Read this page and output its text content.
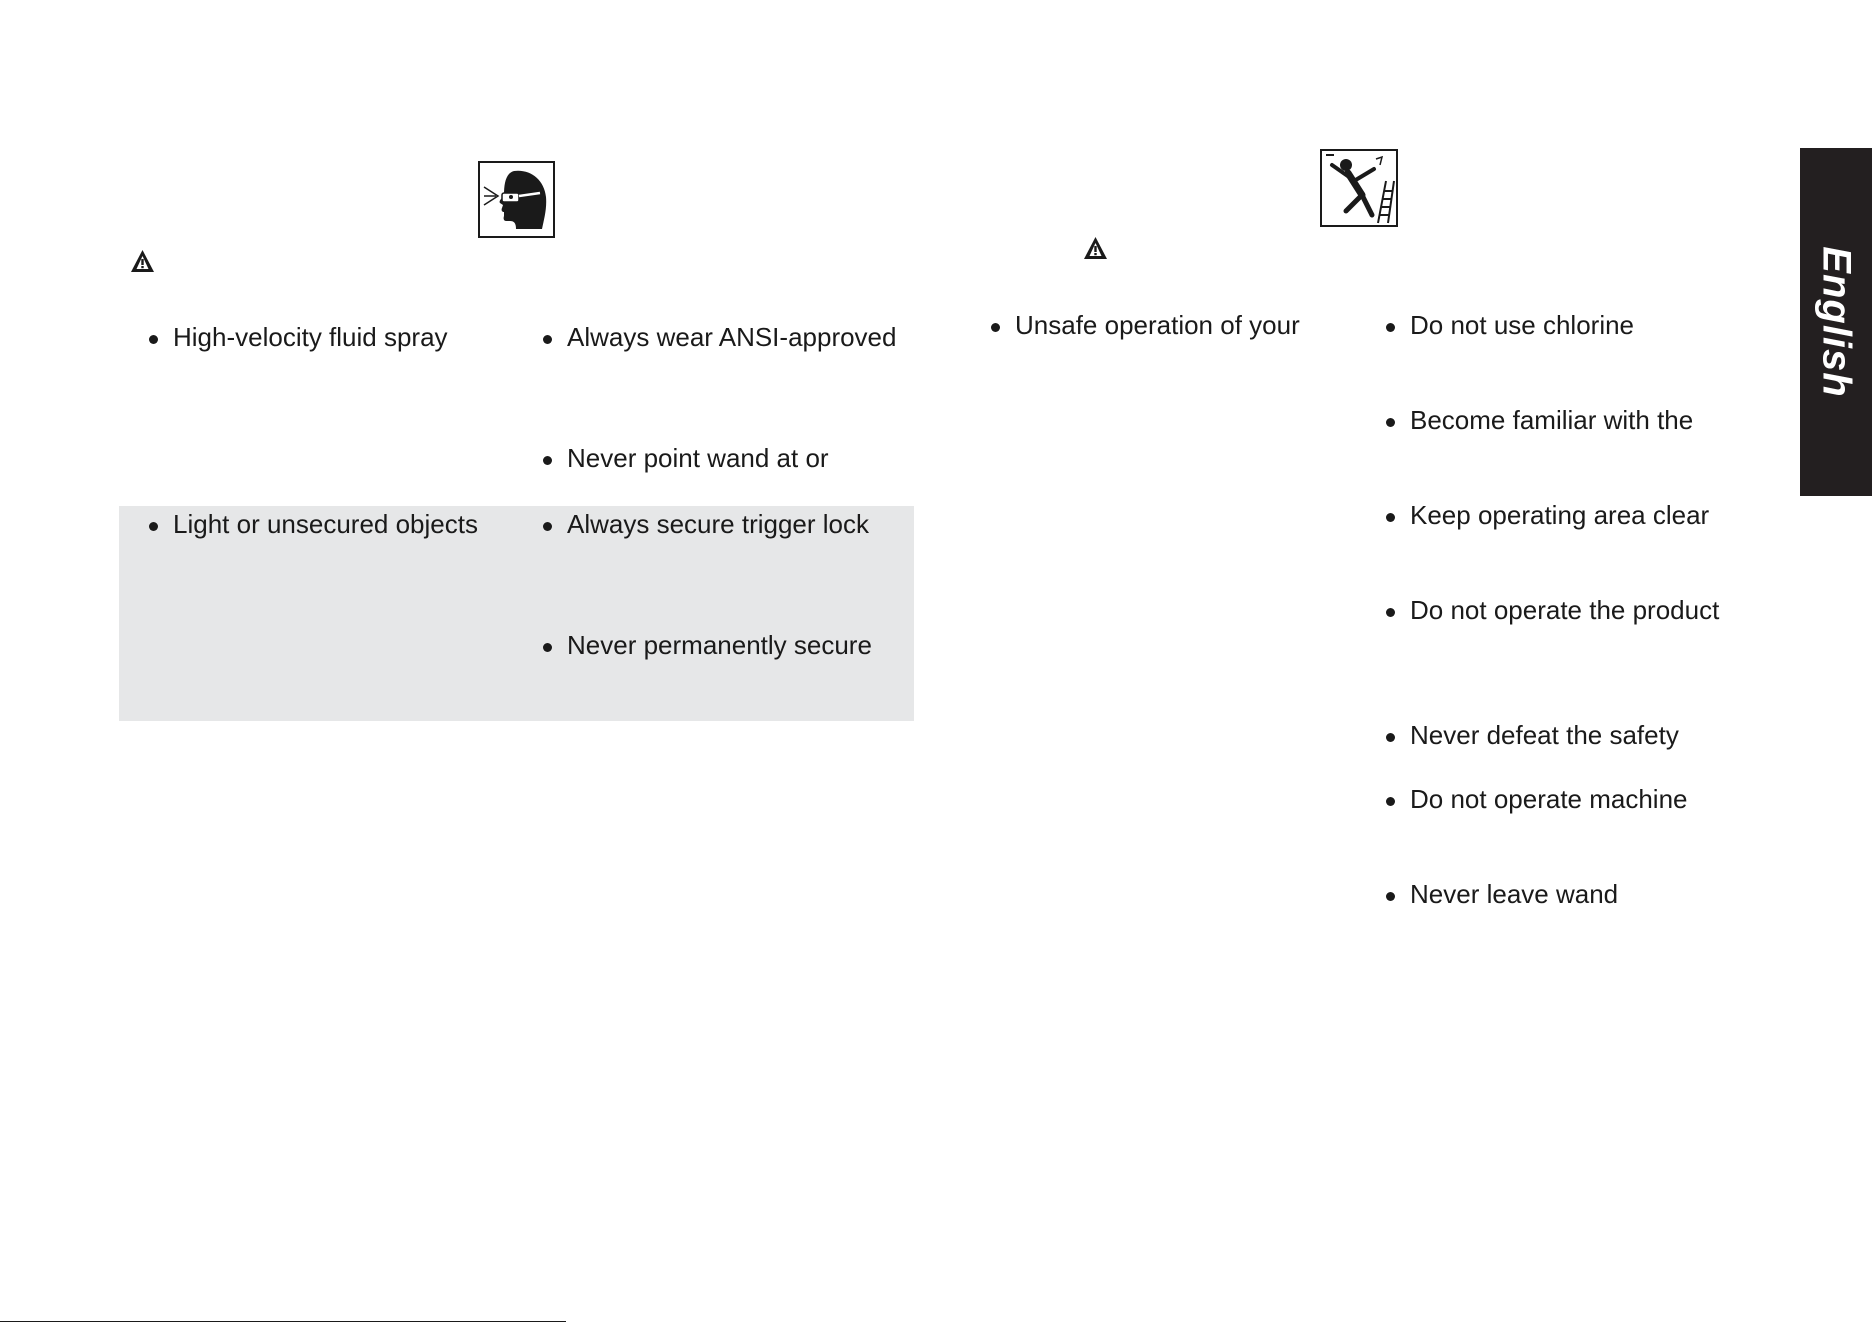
High-velocity fluid spray	Always wear ANSI-approved
Never point wand at or
Light or unsecured objects	Always secure trigger lock
Never permanently secure
Unsafe operation of your	Do not use chlorine
Become familiar with the
Keep operating area clear
Do not operate the product
Never defeat the safety
Do not operate machine
Never leave wand
English
